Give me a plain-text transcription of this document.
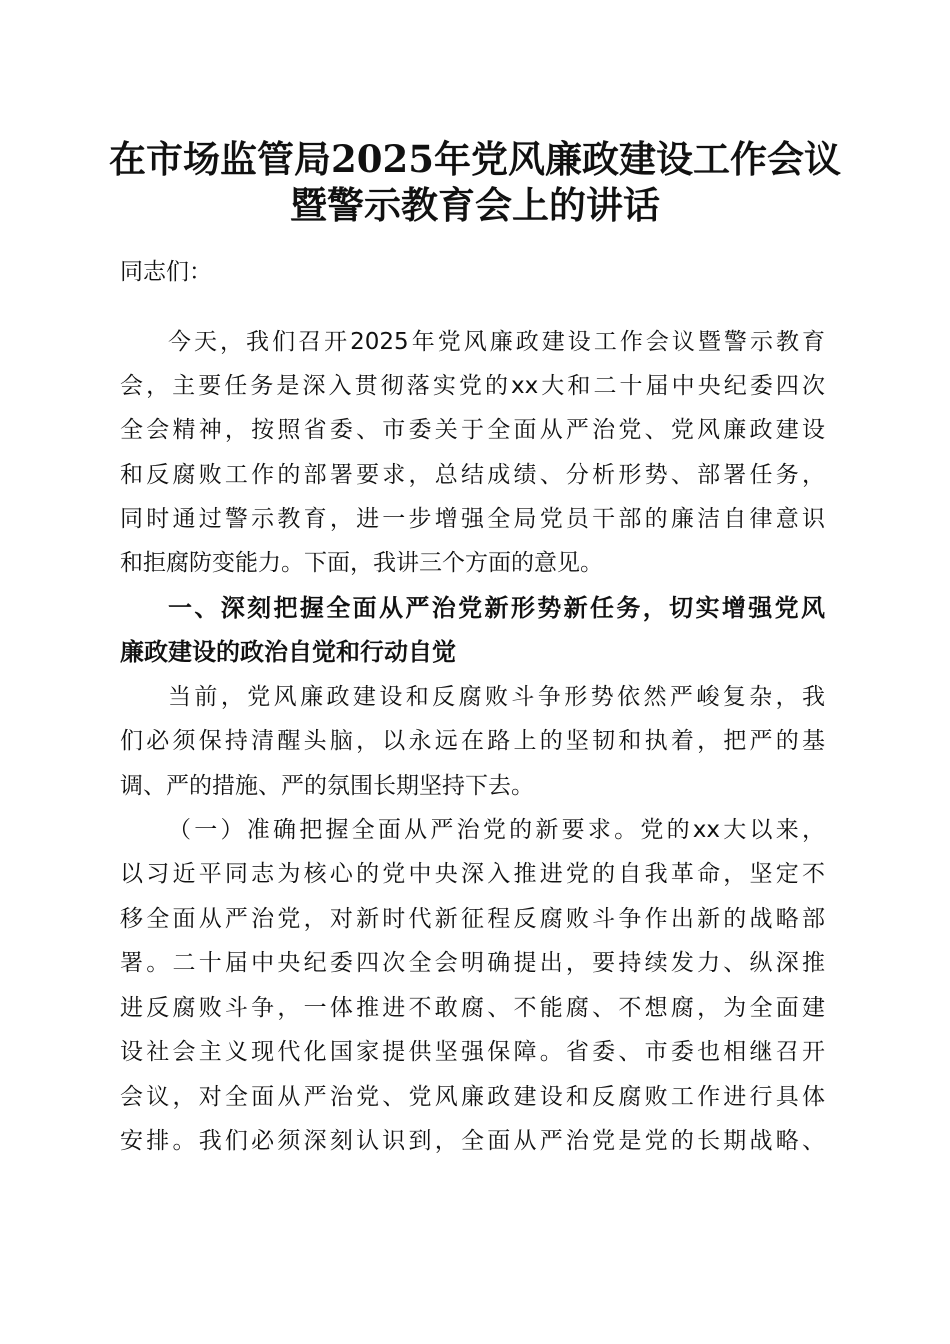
在市场监管局2025年党风廉政建设工作会议
暨警示教育会上的讲话
同志们：
今天，我们召开2025年党风廉政建设工作会议暨警示教育
会，主要任务是深入贯彻落实党的xx大和二十届中央纪委四次
全会精神，按照省委、市委关于全面从严治党、党风廉政建设
和反腐败工作的部署要求，总结成绩、分析形势、部署任务，
同时通过警示教育，进一步增强全局党员干部的廉洁自律意识
和拒腐防变能力。下面，我讲三个方面的意见。
一、深刻把握全面从严治党新形势新任务，切实增强党风
廉政建设的政治自觉和行动自觉
当前，党风廉政建设和反腐败斗争形势依然严峻复杂，我
们必须保持清醒头脑，以永远在路上的坚韧和执着，把严的基
调、严的措施、严的氛围长期坚持下去。
（一）准确把握全面从严治党的新要求。党的xx大以来，
以习近平同志为核心的党中央深入推进党的自我革命，坚定不
移全面从严治党，对新时代新征程反腐败斗争作出新的战略部
署。二十届中央纪委四次全会明确提出，要持续发力、纵深推
进反腐败斗争，一体推进不敢腐、不能腐、不想腐，为全面建
设社会主义现代化国家提供坚强保障。省委、市委也相继召开
会议，对全面从严治党、党风廉政建设和反腐败工作进行具体
安排。我们必须深刻认识到，全面从严治党是党的长期战略、
